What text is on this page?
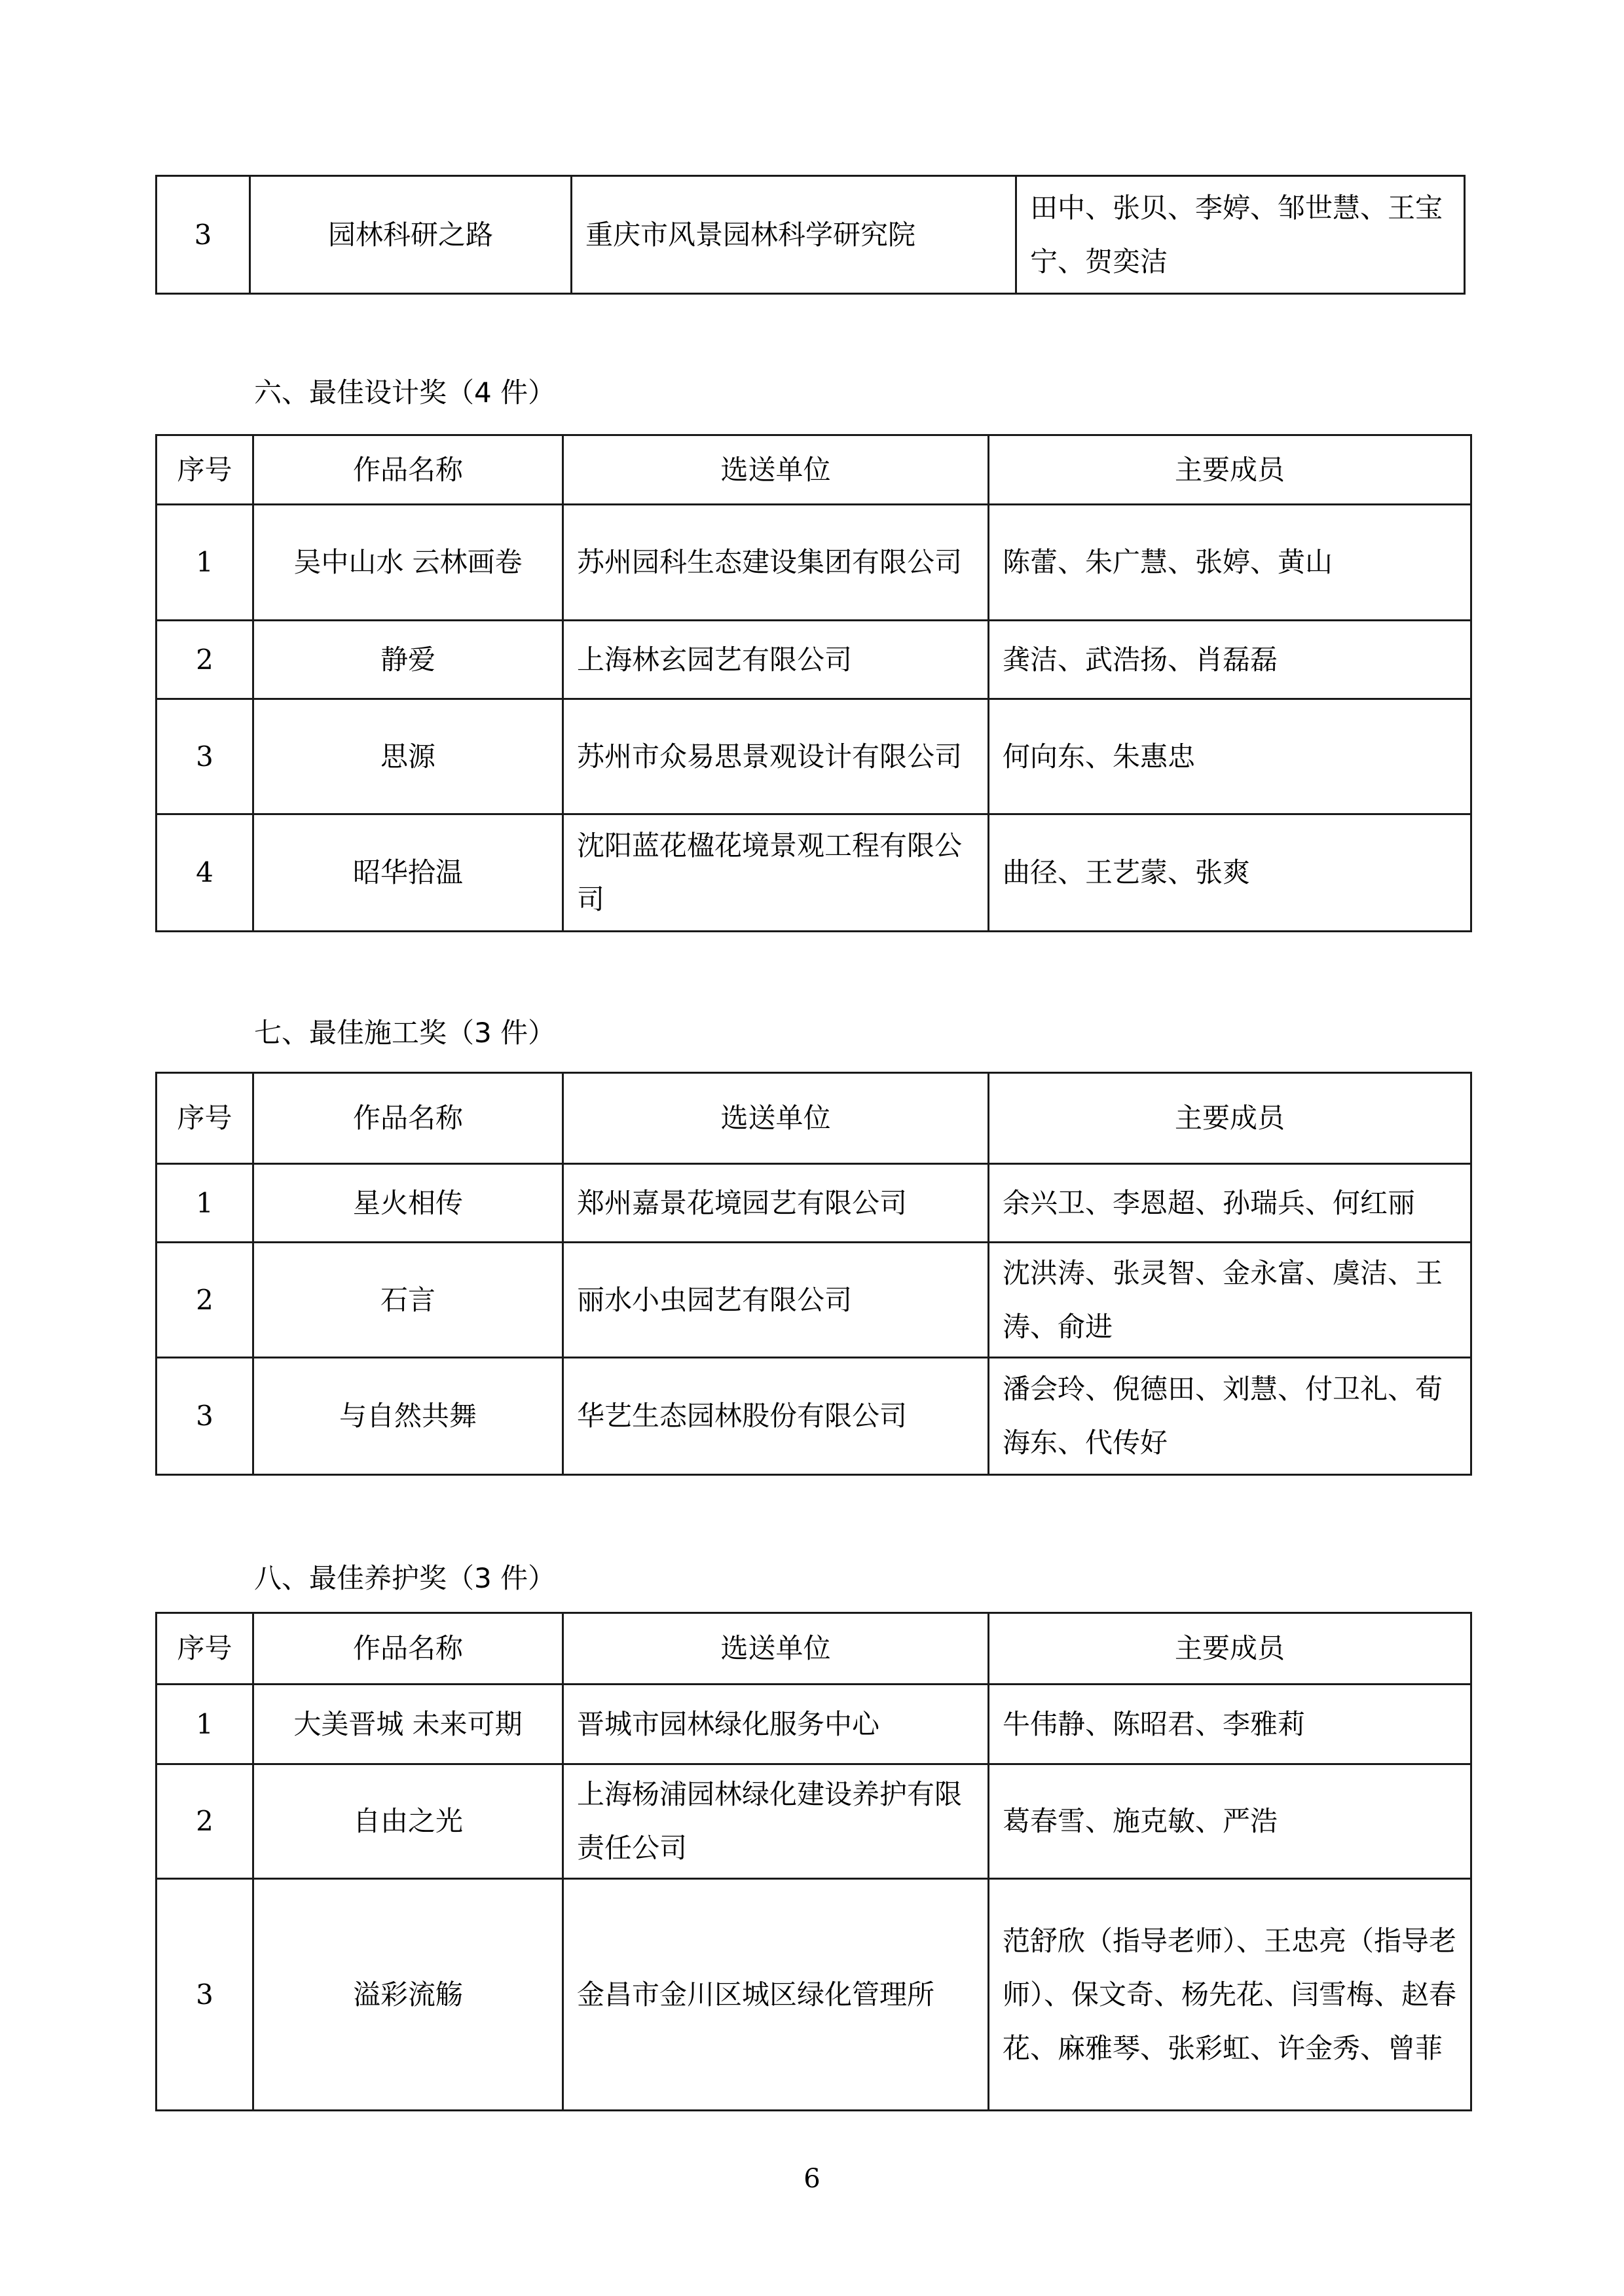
3	园林科研之路	重庆市风景园林科学研究院	田中、张贝、李婷、邹世慧、王宝宁、贺奕洁
六、最佳设计奖（4 件）
序号	作品名称	选送单位	主要成员
1	吴中山水 云林画卷	苏州园科生态建设集团有限公司	陈蕾、朱广慧、张婷、黄山
2	静爱	上海林玄园艺有限公司	龚洁、武浩扬、肖磊磊
3	思源	苏州市众易思景观设计有限公司	何向东、朱惠忠
4	昭华拾温	沈阳蓝花楹花境景观工程有限公司	曲径、王艺蒙、张爽
七、最佳施工奖（3 件）
序号	作品名称	选送单位	主要成员
1	星火相传	郑州嘉景花境园艺有限公司	余兴卫、李恩超、孙瑞兵、何红丽
2	石言	丽水小虫园艺有限公司	沈洪涛、张灵智、金永富、虞洁、王涛、俞进
3	与自然共舞	华艺生态园林股份有限公司	潘会玲、倪德田、刘慧、付卫礼、荀海东、代传好
八、最佳养护奖（3 件）
序号	作品名称	选送单位	主要成员
1	大美晋城 未来可期	晋城市园林绿化服务中心	牛伟静、陈昭君、李雅莉
2	自由之光	上海杨浦园林绿化建设养护有限责任公司	葛春雪、施克敏、严浩
3	溢彩流觞	金昌市金川区城区绿化管理所	范舒欣（指导老师）、王忠亮（指导老师）、保文奇、杨先花、闫雪梅、赵春花、麻雅琴、张彩虹、许金秀、曾菲
6
